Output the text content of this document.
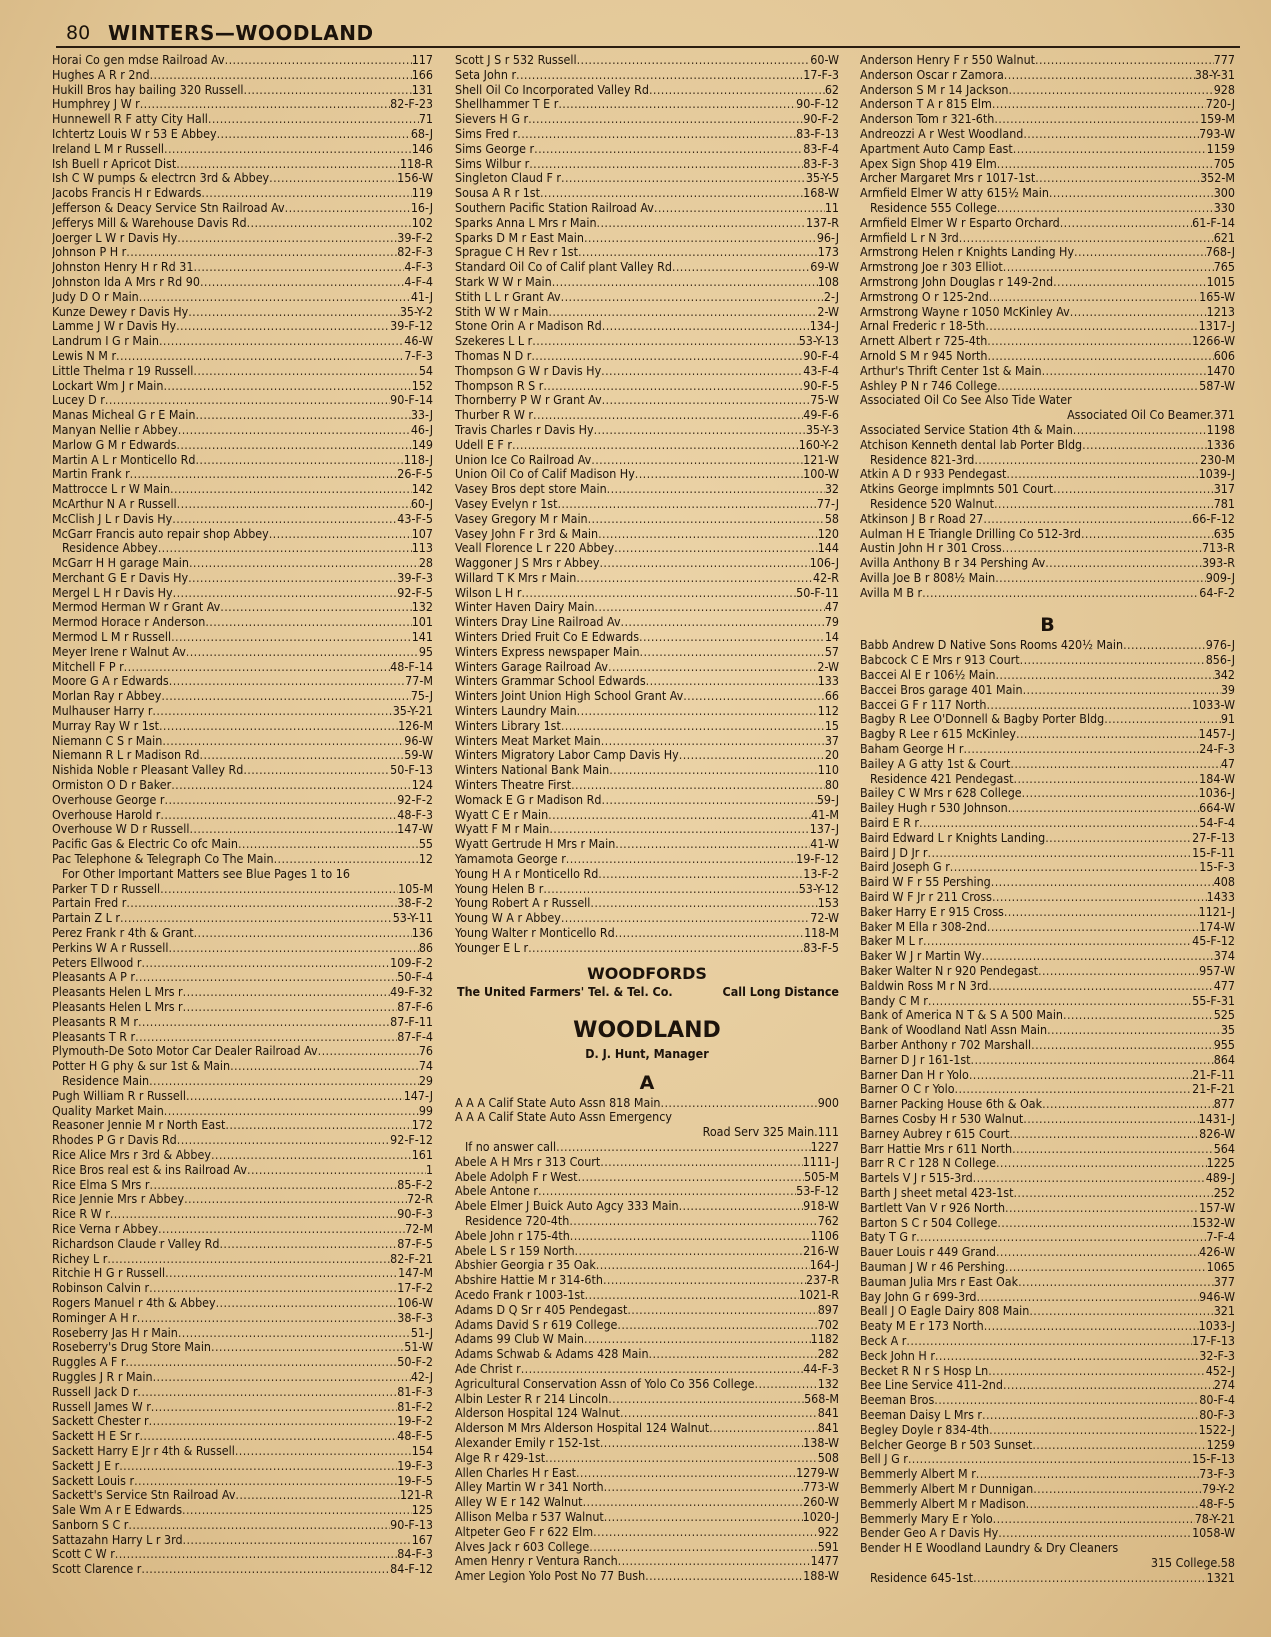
80 WINTERS—WOODLAND
Horai Co gen mdse Railroad Av .....	117
Hughes A R r 2nd .....	166
Hukill Bros hay bailing 320 Russell .....	131
Humphrey J W r .....	82-F-23
Hunnewell R F atty City Hall .....	71
Ichtertz Louis W r 53 E Abbey .....	68-J
Ireland L M r Russell .....	146
Ish Buell r Apricot Dist .....	118-R
Ish C W pumps & electrcn 3rd & Abbey .....	156-W
Jacobs Francis H r Edwards .....	119
Jefferson & Deacy Service Stn Railroad Av .....	16-J
Jefferys Mill & Warehouse Davis Rd .....	102
Joerger L W r Davis Hy .....	39-F-2
Johnson P H r .....	82-F-3
Johnston Henry H r Rd 31 .....	4-F-3
Johnston Ida A Mrs r Rd 90 .....	4-F-4
Judy D O r Main .....	41-J
Kunze Dewey r Davis Hy .....	35-Y-2
Lamme J W r Davis Hy .....	39-F-12
Landrum I G r Main .....	46-W
Lewis N M r .....	7-F-3
Little Thelma r 19 Russell .....	54
Lockart Wm J r Main .....	152
Lucey D r .....	90-F-14
Manas Micheal G r E Main .....	33-J
Manyan Nellie r Abbey .....	46-J
Marlow G M r Edwards .....	149
Martin A L r Monticello Rd .....	118-J
Martin Frank r .....	26-F-5
Mattrocce L r W Main .....	142
McArthur N A r Russell .....	60-J
McClish J L r Davis Hy .....	43-F-5
McGarr Francis auto repair shop Abbey .....	107
Residence Abbey .....	113
McGarr H H garage Main .....	28
Merchant G E r Davis Hy .....	39-F-3
Mergel L H r Davis Hy .....	92-F-5
Mermod Herman W r Grant Av .....	132
Mermod Horace r Anderson .....	101
Mermod L M r Russell .....	141
Meyer Irene r Walnut Av .....	95
Mitchell F P r .....	48-F-14
Moore G A r Edwards .....	77-M
Morlan Ray r Abbey .....	75-J
Mulhauser Harry r .....	35-Y-21
Murray Ray W r 1st .....	126-M
Niemann C S r Main .....	96-W
Niemann R L r Madison Rd .....	59-W
Nishida Noble r Pleasant Valley Rd .....	50-F-13
Ormiston O D r Baker .....	124
Overhouse George r .....	92-F-2
Overhouse Harold r .....	48-F-3
Overhouse W D r Russell .....	147-W
Pacific Gas & Electric Co ofc Main .....	55
Pac Telephone & Telegraph Co The Main .....	12
For Other Important Matters see Blue Pages 1 to 16
Parker T D r Russell .....	105-M
Partain Fred r .....	38-F-2
Partain Z L r .....	53-Y-11
Perez Frank r 4th & Grant .....	136
Perkins W A r Russell .....	86
Peters Ellwood r .....	109-F-2
Pleasants A P r .....	50-F-4
Pleasants Helen L Mrs r .....	49-F-32
Pleasants Helen L Mrs r .....	87-F-6
Pleasants R M r .....	87-F-11
Pleasants T R r .....	87-F-4
Plymouth-De Soto Motor Car Dealer Railroad Av .....	76
Potter H G phy & sur 1st & Main .....	74
Residence Main .....	29
Pugh William R r Russell .....	147-J
Quality Market Main .....	99
Reasoner Jennie M r North East .....	172
Rhodes P G r Davis Rd .....	92-F-12
Rice Alice Mrs r 3rd & Abbey .....	161
Rice Bros real est & ins Railroad Av .....	1
Rice Elma S Mrs r .....	85-F-2
Rice Jennie Mrs r Abbey .....	72-R
Rice R W r .....	90-F-3
Rice Verna r Abbey .....	72-M
Richardson Claude r Valley Rd .....	87-F-5
Richey L r .....	82-F-21
Ritchie H G r Russell .....	147-M
Robinson Calvin r .....	17-F-2
Rogers Manuel r 4th & Abbey .....	106-W
Rominger A H r .....	38-F-3
Roseberry Jas H r Main .....	51-J
Roseberry's Drug Store Main .....	51-W
Ruggles A F r .....	50-F-2
Ruggles J R r Main .....	42-J
Russell Jack D r .....	81-F-3
Russell James W r .....	81-F-2
Sackett Chester r .....	19-F-2
Sackett H E Sr r .....	48-F-5
Sackett Harry E Jr r 4th & Russell .....	154
Sackett J E r .....	19-F-3
Sackett Louis r .....	19-F-5
Sackett's Service Stn Railroad Av .....	121-R
Sale Wm A r E Edwards .....	125
Sanborn S C r .....	90-F-13
Sattazahn Harry L r 3rd .....	167
Scott C W r .....	84-F-3
Scott Clarence r .....	84-F-12
Scott J S r 532 Russell .....	60-W
Seta John r .....	17-F-3
Shell Oil Co Incorporated Valley Rd .....	62
Shellhammer T E r .....	90-F-12
Sievers H G r .....	90-F-2
Sims Fred r .....	83-F-13
Sims George r .....	83-F-4
Sims Wilbur r .....	83-F-3
Singleton Claud F r .....	35-Y-5
Sousa A R r 1st .....	168-W
Southern Pacific Station Railroad Av .....	11
Sparks Anna L Mrs r Main .....	137-R
Sparks D M r East Main .....	96-J
Sprague C H Rev r 1st .....	173
Standard Oil Co of Calif plant Valley Rd .....	69-W
Stark W W r Main .....	108
Stith L L r Grant Av .....	2-J
Stith W W r Main .....	2-W
Stone Orin A r Madison Rd .....	134-J
Szekeres L L r .....	53-Y-13
Thomas N D r .....	90-F-4
Thompson G W r Davis Hy .....	43-F-4
Thompson R S r .....	90-F-5
Thornberry P W r Grant Av .....	75-W
Thurber R W r .....	49-F-6
Travis Charles r Davis Hy .....	35-Y-3
Udell E F r .....	160-Y-2
Union Ice Co Railroad Av .....	121-W
Union Oil Co of Calif Madison Hy .....	100-W
Vasey Bros dept store Main .....	32
Vasey Evelyn r 1st .....	77-J
Vasey Gregory M r Main .....	58
Vasey John F r 3rd & Main .....	120
Veall Florence L r 220 Abbey .....	144
Waggoner J S Mrs r Abbey .....	106-J
Willard T K Mrs r Main .....	42-R
Wilson L H r .....	50-F-11
Winter Haven Dairy Main .....	47
Winters Dray Line Railroad Av .....	79
Winters Dried Fruit Co E Edwards .....	14
Winters Express newspaper Main .....	57
Winters Garage Railroad Av .....	2-W
Winters Grammar School Edwards .....	133
Winters Joint Union High School Grant Av .....	66
Winters Laundry Main .....	112
Winters Library 1st .....	15
Winters Meat Market Main .....	37
Winters Migratory Labor Camp Davis Hy .....	20
Winters National Bank Main .....	110
Winters Theatre First .....	80
Womack E G r Madison Rd .....	59-J
Wyatt C E r Main .....	41-M
Wyatt F M r Main .....	137-J
Wyatt Gertrude H Mrs r Main .....	41-W
Yamamota George r .....	19-F-12
Young H A r Monticello Rd .....	13-F-2
Young Helen B r .....	53-Y-12
Young Robert A r Russell .....	153
Young W A r Abbey .....	72-W
Young Walter r Monticello Rd .....	118-M
Younger E L r .....	83-F-5
WOODFORDS
The United Farmers' Tel. & Tel. Co.	Call Long Distance
WOODLAND
D. J. Hunt, Manager
A
A A A Calif State Auto Assn 818 Main .....	900
A A A Calif State Auto Assn Emergency
Road Serv 325 Main.111
If no answer call .....	1227
Abele A H Mrs r 313 Court .....	1111-J
Abele Adolph F r West .....	505-M
Abele Antone r .....	53-F-12
Abele Elmer J Buick Auto Agcy 333 Main .....	918-W
Residence 720-4th .....	762
Abele John r 175-4th .....	1106
Abele L S r 159 North .....	216-W
Abshier Georgia r 35 Oak .....	164-J
Abshire Hattie M r 314-6th .....	237-R
Acedo Frank r 1003-1st .....	1021-R
Adams D Q Sr r 405 Pendegast .....	897
Adams David S r 619 College .....	702
Adams 99 Club W Main .....	1182
Adams Schwab & Adams 428 Main .....	282
Ade Christ r .....	44-F-3
Agricultural Conservation Assn of Yolo Co 356 College .....	132
Albin Lester R r 214 Lincoln .....	568-M
Alderson Hospital 124 Walnut .....	841
Alderson M Mrs Alderson Hospital 124 Walnut .....	841
Alexander Emily r 152-1st .....	138-W
Alge R r 429-1st .....	508
Allen Charles H r East .....	1279-W
Alley Martin W r 341 North .....	773-W
Alley W E r 142 Walnut .....	260-W
Allison Melba r 537 Walnut .....	1020-J
Altpeter Geo F r 622 Elm .....	922
Alves Jack r 603 College .....	591
Amen Henry r Ventura Ranch .....	1477
Amer Legion Yolo Post No 77 Bush .....	188-W
Anderson Henry F r 550 Walnut .....	777
Anderson Oscar r Zamora .....	38-Y-31
Anderson S M r 14 Jackson .....	928
Anderson T A r 815 Elm .....	720-J
Anderson Tom r 321-6th .....	159-M
Andreozzi A r West Woodland .....	793-W
Apartment Auto Camp East .....	1159
Apex Sign Shop 419 Elm .....	705
Archer Margaret Mrs r 1017-1st .....	352-M
Armfield Elmer W atty 615½ Main .....	300
Residence 555 College .....	330
Armfield Elmer W r Esparto Orchard .....	61-F-14
Armfield L r N 3rd .....	621
Armstrong Helen r Knights Landing Hy .....	768-J
Armstrong Joe r 303 Elliot .....	765
Armstrong John Douglas r 149-2nd .....	1015
Armstrong O r 125-2nd .....	165-W
Armstrong Wayne r 1050 McKinley Av .....	1213
Arnal Frederic r 18-5th .....	1317-J
Arnett Albert r 725-4th .....	1266-W
Arnold S M r 945 North .....	606
Arthur's Thrift Center 1st & Main .....	1470
Ashley P N r 746 College .....	587-W
Associated Oil Co See Also Tide Water
Associated Oil Co Beamer.371
Associated Service Station 4th & Main .....	1198
Atchison Kenneth dental lab Porter Bldg .....	1336
Residence 821-3rd .....	230-M
Atkin A D r 933 Pendegast .....	1039-J
Atkins George implmnts 501 Court .....	317
Residence 520 Walnut .....	781
Atkinson J B r Road 27 .....	66-F-12
Aulman H E Triangle Drilling Co 512-3rd .....	635
Austin John H r 301 Cross .....	713-R
Avilla Anthony B r 34 Pershing Av .....	393-R
Avilla Joe B r 808½ Main .....	909-J
Avilla M B r .....	64-F-2
B
Babb Andrew D Native Sons Rooms 420½ Main .....	976-J
Babcock C E Mrs r 913 Court .....	856-J
Baccei Al E r 106½ Main .....	342
Baccei Bros garage 401 Main .....	39
Baccei G F r 117 North .....	1033-W
Bagby R Lee O'Donnell & Bagby Porter Bldg .....	91
Bagby R Lee r 615 McKinley .....	1457-J
Baham George H r .....	24-F-3
Bailey A G atty 1st & Court .....	47
Residence 421 Pendegast .....	184-W
Bailey C W Mrs r 628 College .....	1036-J
Bailey Hugh r 530 Johnson .....	664-W
Baird E R r .....	54-F-4
Baird Edward L r Knights Landing .....	27-F-13
Baird J D Jr r .....	15-F-11
Baird Joseph G r .....	15-F-3
Baird W F r 55 Pershing .....	408
Baird W F Jr r 211 Cross .....	1433
Baker Harry E r 915 Cross .....	1121-J
Baker M Ella r 308-2nd .....	174-W
Baker M L r .....	45-F-12
Baker W J r Martin Wy .....	374
Baker Walter N r 920 Pendegast .....	957-W
Baldwin Ross M r N 3rd .....	477
Bandy C M r .....	55-F-31
Bank of America N T & S A 500 Main .....	525
Bank of Woodland Natl Assn Main .....	35
Barber Anthony r 702 Marshall .....	955
Barner D J r 161-1st .....	864
Barner Dan H r Yolo .....	21-F-11
Barner O C r Yolo .....	21-F-21
Barner Packing House 6th & Oak .....	877
Barnes Cosby H r 530 Walnut .....	1431-J
Barney Aubrey r 615 Court .....	826-W
Barr Hattie Mrs r 611 North .....	564
Barr R C r 128 N College .....	1225
Bartels V J r 515-3rd .....	489-J
Barth J sheet metal 423-1st .....	252
Bartlett Van V r 926 North .....	157-W
Barton S C r 504 College .....	1532-W
Baty T G r .....	7-F-4
Bauer Louis r 449 Grand .....	426-W
Bauman J W r 46 Pershing .....	1065
Bauman Julia Mrs r East Oak .....	377
Bay John G r 699-3rd .....	946-W
Beall J O Eagle Dairy 808 Main .....	321
Beaty M E r 173 North .....	1033-J
Beck A r .....	17-F-13
Beck John H r .....	32-F-3
Becket R N r S Hosp Ln .....	452-J
Bee Line Service 411-2nd .....	274
Beeman Bros .....	80-F-4
Beeman Daisy L Mrs r .....	80-F-3
Begley Doyle r 834-4th .....	1522-J
Belcher George B r 503 Sunset .....	1259
Bell J G r .....	15-F-13
Bemmerly Albert M r .....	73-F-3
Bemmerly Albert M r Dunnigan .....	79-Y-2
Bemmerly Albert M r Madison .....	48-F-5
Bemmerly Mary E r Yolo .....	78-Y-21
Bender Geo A r Davis Hy .....	1058-W
Bender H E Woodland Laundry & Dry Cleaners
315 College.58
Residence 645-1st .....	1321
